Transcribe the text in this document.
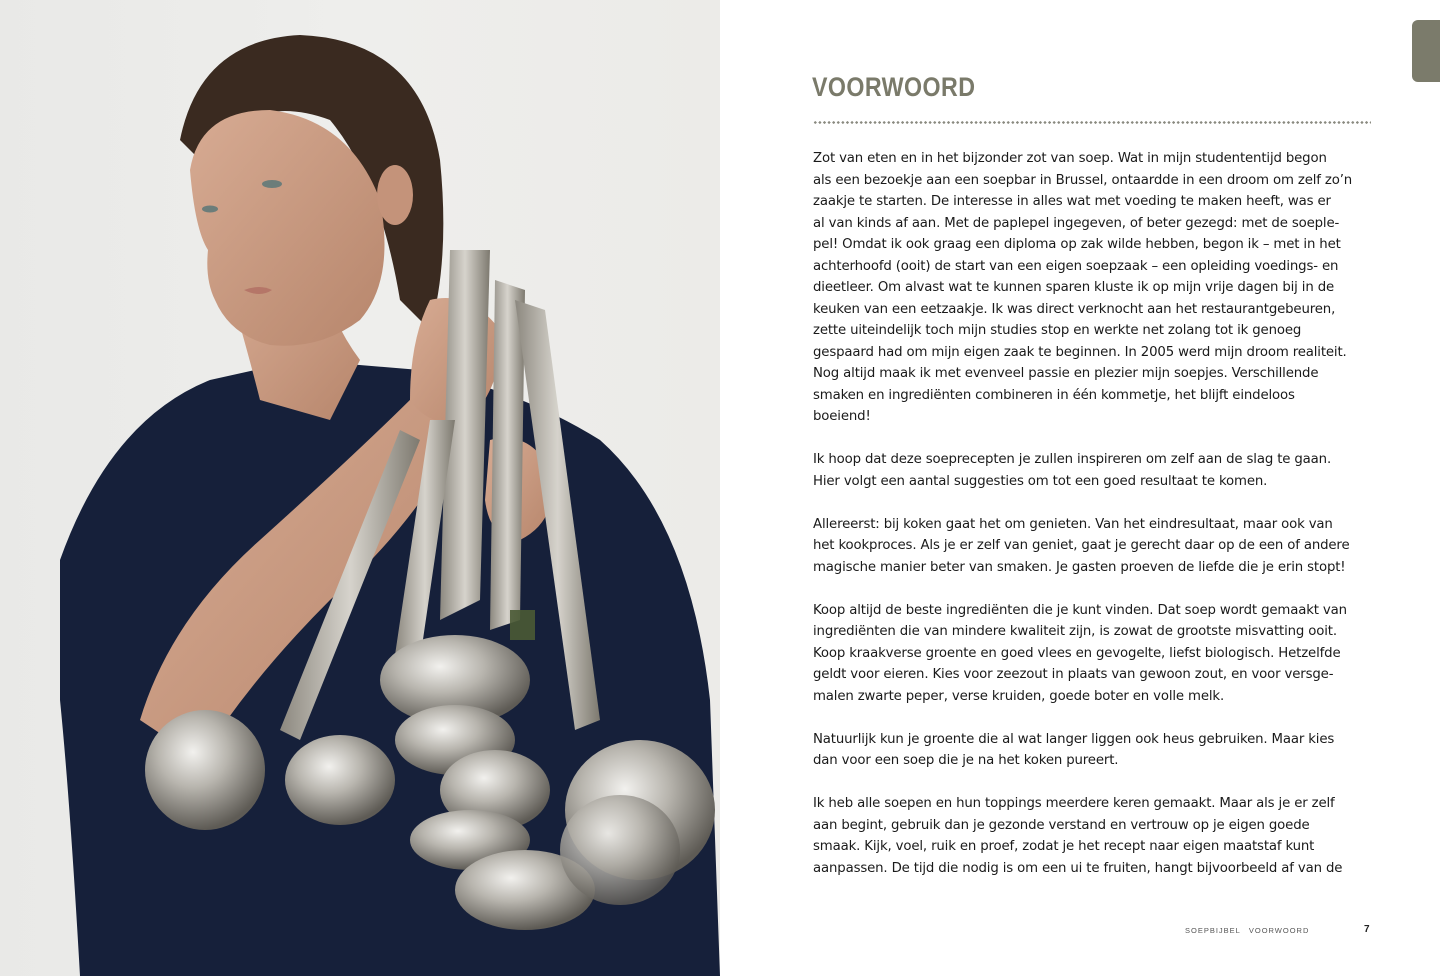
VOORWOORD

Zot van eten en in het bijzonder zot van soep. Wat in mijn studententijd begon
als een bezoekje aan een soepbar in Brussel, ontaardde in een droom om zelf zo’n
zaakje te starten. De interesse in alles wat met voeding te maken heeft, was er
al van kinds af aan. Met de paplepel ingegeven, of beter gezegd: met de soeple-
pel! Omdat ik ook graag een diploma op zak wilde hebben, begon ik – met in het
achterhoofd (ooit) de start van een eigen soepzaak – een opleiding voedings- en
dieetleer. Om alvast wat te kunnen sparen kluste ik op mijn vrije dagen bij in de
keuken van een eetzaakje. Ik was direct verknocht aan het restaurantgebeuren,
zette uiteindelijk toch mijn studies stop en werkte net zolang tot ik genoeg
gespaard had om mijn eigen zaak te beginnen. In 2005 werd mijn droom realiteit.
Nog altijd maak ik met evenveel passie en plezier mijn soepjes. Verschillende
smaken en ingrediënten combineren in één kommetje, het blijft eindeloos
boeiend!

Ik hoop dat deze soeprecepten je zullen inspireren om zelf aan de slag te gaan.
Hier volgt een aantal suggesties om tot een goed resultaat te komen.

Allereerst: bij koken gaat het om genieten. Van het eindresultaat, maar ook van
het kookproces. Als je er zelf van geniet, gaat je gerecht daar op de een of andere
magische manier beter van smaken. Je gasten proeven de liefde die je erin stopt!

Koop altijd de beste ingrediënten die je kunt vinden. Dat soep wordt gemaakt van
ingrediënten die van mindere kwaliteit zijn, is zowat de grootste misvatting ooit.
Koop kraakverse groente en goed vlees en gevogelte, liefst biologisch. Hetzelfde
geldt voor eieren. Kies voor zeezout in plaats van gewoon zout, en voor versge-
malen zwarte peper, verse kruiden, goede boter en volle melk.

Natuurlijk kun je groente die al wat langer liggen ook heus gebruiken. Maar kies
dan voor een soep die je na het koken pureert.

Ik heb alle soepen en hun toppings meerdere keren gemaakt. Maar als je er zelf
aan begint, gebruik dan je gezonde verstand en vertrouw op je eigen goede
smaak. Kijk, voel, ruik en proef, zodat je het recept naar eigen maatstaf kunt
aanpassen. De tijd die nodig is om een ui te fruiten, hangt bijvoorbeeld af van de

SOEPBIJBEL VOORWOORD	7
